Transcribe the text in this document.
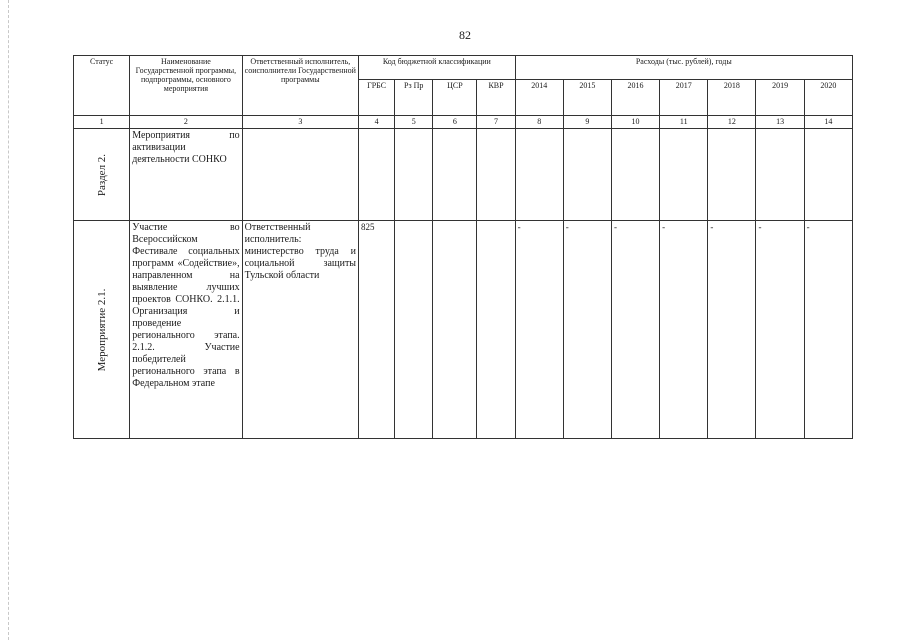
82
Статус	Наименование Государственной программы, подпрограммы, основного мероприятия	Ответственный исполнитель, соисполнители Государственной программы	Код бюджетной классификации				Расходы (тыс. рублей), годы						
			ГРБС	Рз Пр	ЦСР	КВР	2014	2015	2016	2017	2018	2019	2020
1	2	3	4	5	6	7	8	9	10	11	12	13	14

Раздел 2.	Мероприятия по активизации деятельности СОНКО												

Мероприятие 2.1.	Участие во Всероссийском Фестивале социальных программ «Содействие», направленном на выявление лучших проектов СОНКО. 2.1.1. Организация и проведение регионального этапа. 2.1.2. Участие победителей регионального этапа в Федеральном этапе	Ответственный исполнитель: министерство труда и социальной защиты Тульской области	825				-	-	-	-	-	-	-
